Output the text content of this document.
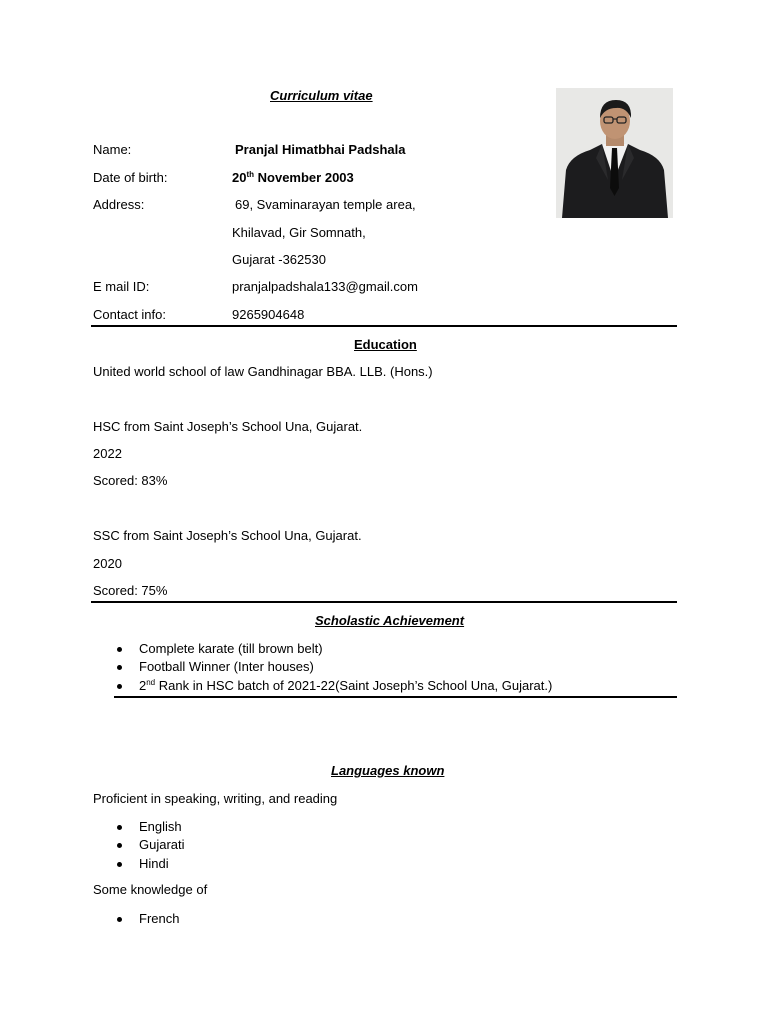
Curriculum vitae
Name:	Pranjal Himatbhai Padshala
Date of birth:	20th November 2003
Address:	69, Svaminarayan temple area,
Khilavad, Gir Somnath,
Gujarat -362530
E mail ID:	pranjalpadshala133@gmail.com
Contact info:	9265904648
Education
United world school of law Gandhinagar BBA. LLB. (Hons.)
HSC from Saint Joseph’s School Una, Gujarat.
2022
Scored: 83%
SSC from Saint Joseph’s School Una, Gujarat.
2020
Scored: 75%
Scholastic Achievement
Complete karate (till brown belt)
Football Winner (Inter houses)
2nd Rank in HSC batch of 2021-22(Saint Joseph’s School Una, Gujarat.)
Languages known
Proficient in speaking, writing, and reading
English
Gujarati
Hindi
Some knowledge of
French
